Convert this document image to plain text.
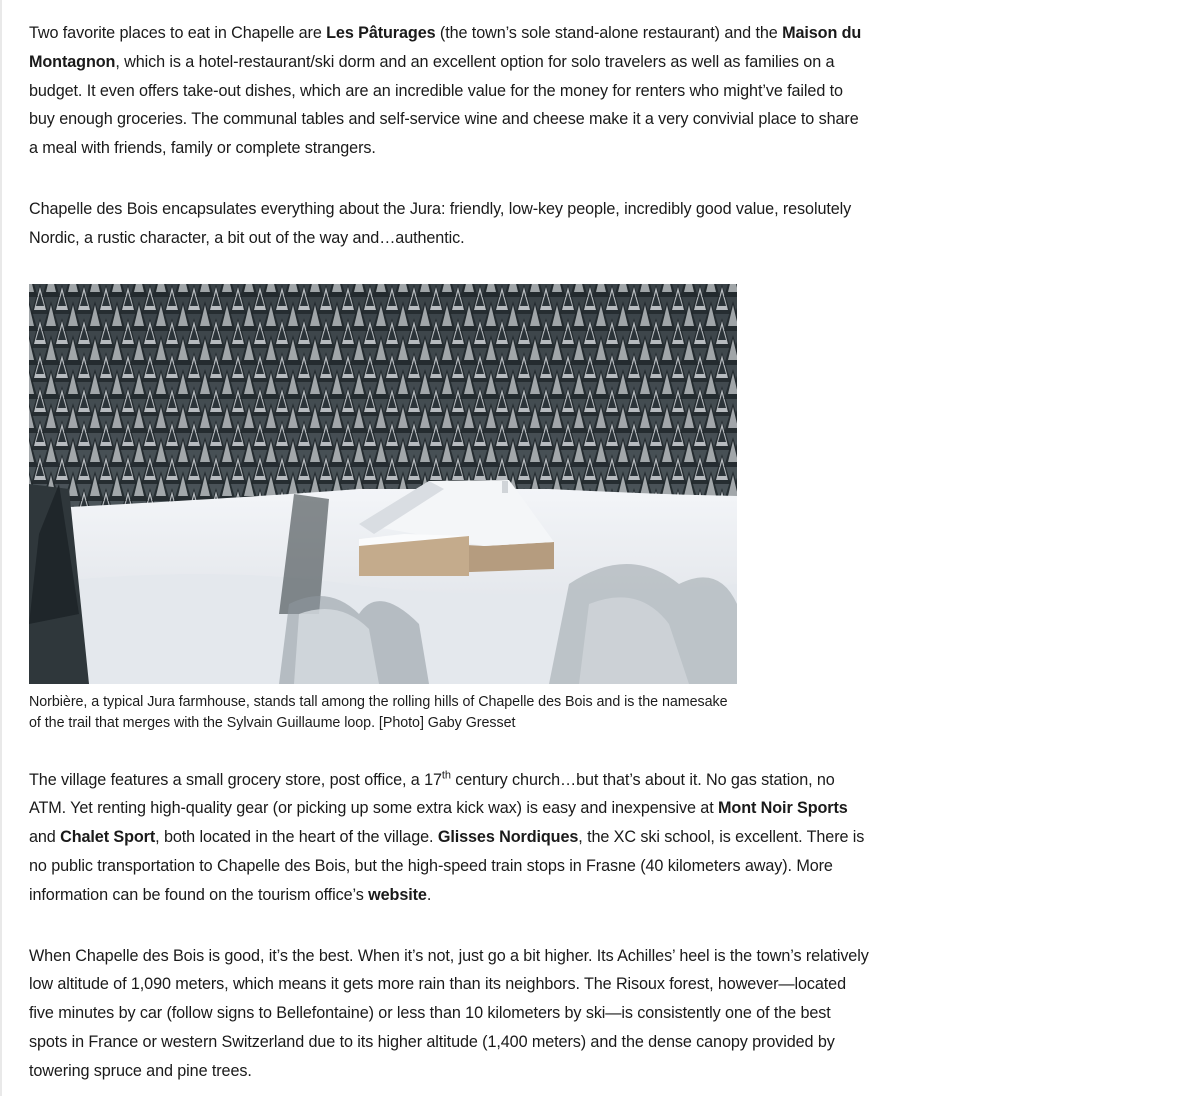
Two favorite places to eat in Chapelle are Les Pâturages (the town’s sole stand-alone restaurant) and the Maison du Montagnon, which is a hotel-restaurant/ski dorm and an excellent option for solo travelers as well as families on a budget. It even offers take-out dishes, which are an incredible value for the money for renters who might’ve failed to buy enough groceries. The communal tables and self-service wine and cheese make it a very convivial place to share a meal with friends, family or complete strangers.

Chapelle des Bois encapsulates everything about the Jura: friendly, low-key people, incredibly good value, resolutely Nordic, a rustic character, a bit out of the way and…authentic.

Norbière, a typical Jura farmhouse, stands tall among the rolling hills of Chapelle des Bois and is the namesake of the trail that merges with the Sylvain Guillaume loop. [Photo] Gaby Gresset

The village features a small grocery store, post office, a 17th century church…but that’s about it. No gas station, no ATM. Yet renting high-quality gear (or picking up some extra kick wax) is easy and inexpensive at Mont Noir Sports and Chalet Sport, both located in the heart of the village. Glisses Nordiques, the XC ski school, is excellent. There is no public transportation to Chapelle des Bois, but the high-speed train stops in Frasne (40 kilometers away). More information can be found on the tourism office’s website.

When Chapelle des Bois is good, it’s the best. When it’s not, just go a bit higher. Its Achilles’ heel is the town’s relatively low altitude of 1,090 meters, which means it gets more rain than its neighbors. The Risoux forest, however—located five minutes by car (follow signs to Bellefontaine) or less than 10 kilometers by ski—is consistently one of the best spots in France or western Switzerland due to its higher altitude (1,400 meters) and the dense canopy provided by towering spruce and pine trees.
